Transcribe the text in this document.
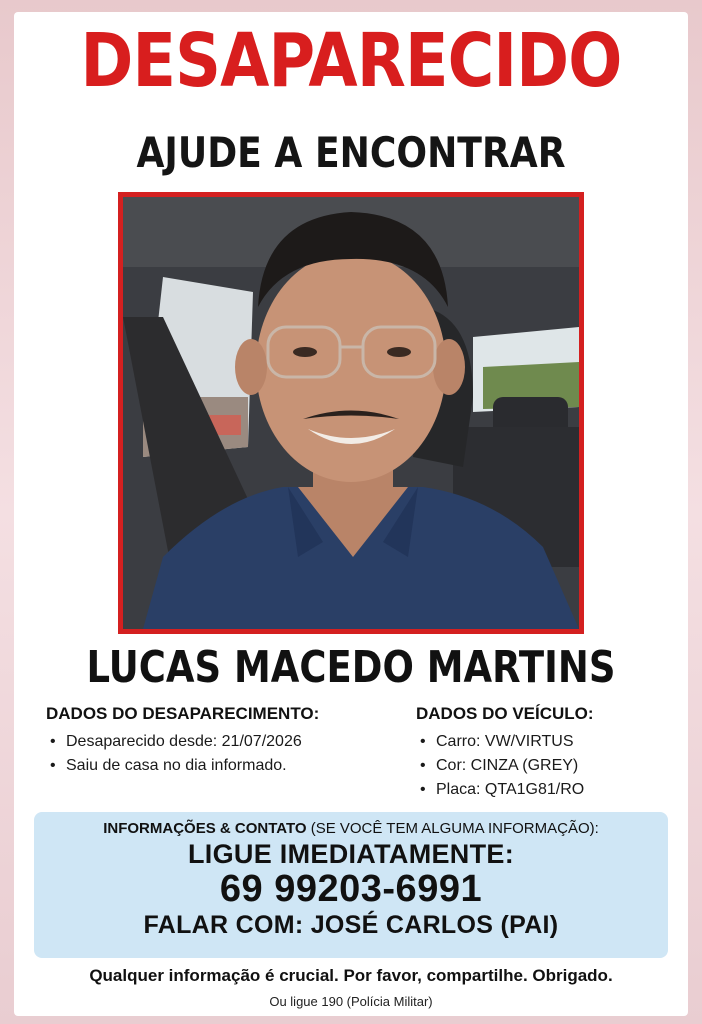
DESAPARECIDO
AJUDE A ENCONTRAR
LUCAS MACEDO MARTINS
DADOS DO DESAPARECIMENTO:
• Desaparecido desde: 21/07/2026
• Saiu de casa no dia informado.
DADOS DO VEÍCULO:
• Carro: VW/VIRTUS
• Cor: CINZA (GREY)
• Placa: QTA1G81/RO
INFORMAÇÕES & CONTATO (SE VOCÊ TEM ALGUMA INFORMAÇÃO):
LIGUE IMEDIATAMENTE:
69 99203-6991
FALAR COM: JOSÉ CARLOS (PAI)
Qualquer informação é crucial. Por favor, compartilhe. Obrigado.
Ou ligue 190 (Polícia Militar)
